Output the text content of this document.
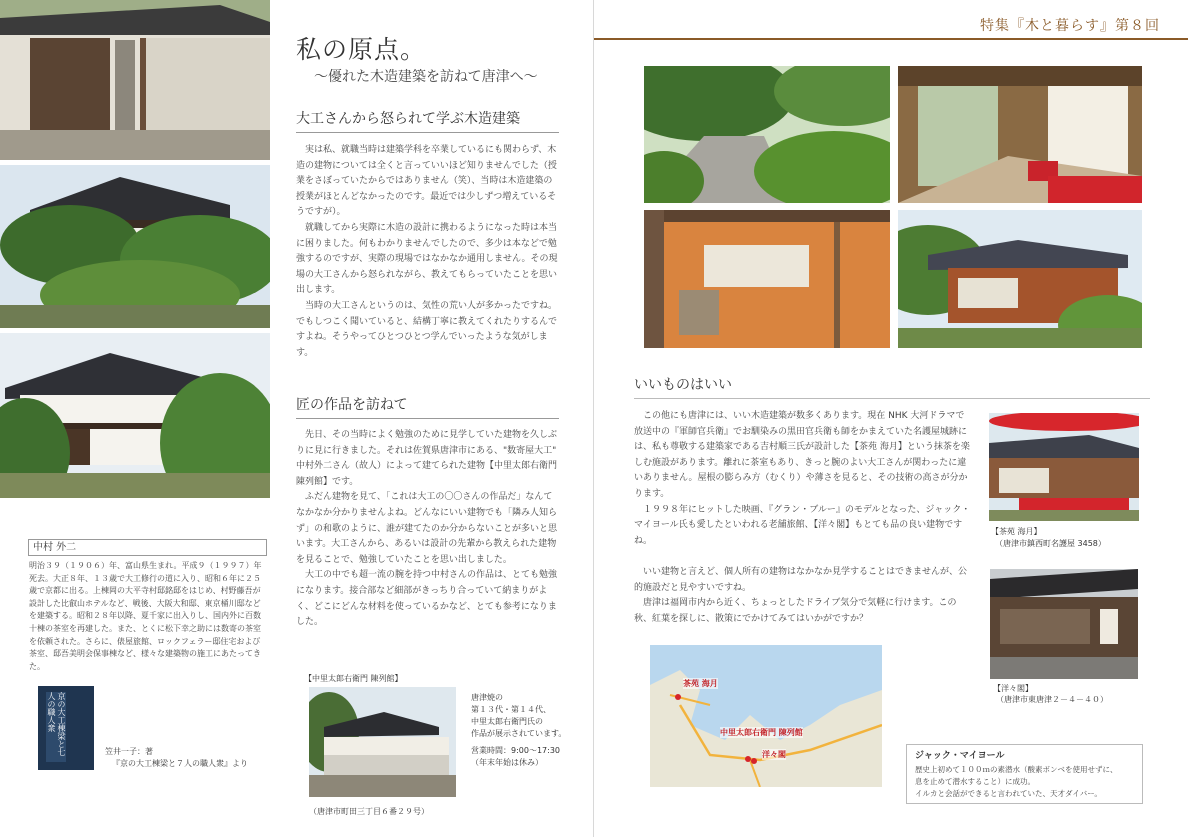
中村 外二
明治３９（１９０６）年、富山県生まれ。平成９（１９９７）年死去。大正８年、１３歳で大工修行の道に入り、昭和６年に２５歳で京都に出る。上棟岡の大平寺村邸銘邸をはじめ、村野藤吾が設計した比叡山ホテルなど、戦後、大阪大和邸、東京桶川邸などを建築する。昭和２８年以降、夏千家に出入りし、国内外に百数十棟の茶室を再建した。また、とくに松下幸之助には数寄の茶室を依頼された。さらに、俵屋旅館、ロックフェラー邸住宅および茶室、邸吾美明会保事棟など、様々な建築物の施工にあたってきた。
京の大工棟梁と七人の職人衆
笠井一子：著
『京の大工棟梁と７人の職人衆』より
私の原点。
～優れた木造建築を訪ねて唐津へ～
大工さんから怒られて学ぶ木造建築

実は私、就職当時は建築学科を卒業しているにも関わらず、木造の建物については全くと言っていいほど知りませんでした（授業をさぼっていたからではありません（笑）、当時は木造建築の授業がほとんどなかったのです。最近では少しずつ増えているそうですが）。

就職してから実際に木造の設計に携わるようになった時は本当に困りました。何もわかりませんでしたので、多少は本などで勉強するのですが、実際の現場ではなかなか通用しません。その現場の大工さんから怒られながら、教えてもらっていたことを思い出します。

当時の大工さんというのは、気性の荒い人が多かったですね。でもしつこく聞いていると、結構丁寧に教えてくれたりするんですよね。そうやってひとつひとつ学んでいったような気がします。

匠の作品を訪ねて

先日、その当時によく勉強のために見学していた建物を久しぶりに見に行きました。それは佐賀県唐津市にある、"数寄屋大工" 中村外二さん（故人）によって建てられた建物【中里太郎右衛門 陳列館】です。

ふだん建物を見て、「これは大工の〇〇さんの作品だ」なんてなかなか分かりませんよね。どんなにいい建物でも「隣み人知らず」の和歌のように、誰が建てたのか分からないことが多いと思います。大工さんから、あるいは設計の先輩から教えられた建物を見ることで、勉強していたことを思い出しました。

大工の中でも超一流の腕を持つ中村さんの作品は、とても勉強になります。接合部など細部がきっちり合っていて納まりがよく、どこにどんな材料を使っているかなど、とても参考になりました。

【中里太郎右衛門 陳列館】
唐津焼の
第１３代・第１４代、
中里太郎右衛門氏の
作品が展示されています。
営業時間：9:00～17:30
（年末年始は休み）
（唐津市町田三丁目６番２９号）
特集『木と暮らす』第８回
いいものはいい

この他にも唐津には、いい木造建築が数多くあります。現在 NHK 大河ドラマで放送中の『軍師官兵衛』でお馴染みの黒田官兵衛も師をかまえていた名護屋城跡には、私も尊敬する建築家である吉村順三氏が設計した【茶苑 海月】という抹茶を楽しむ施設があります。離れに茶室もあり、きっと腕のよい大工さんが関わったに違いありません。屋根の膨らみ方（むくり）や薄さを見ると、その技術の高さが分かります。

１９９８年にヒットした映画、『グラン・ブルー』のモデルとなった、ジャック・マイヨール氏も愛したといわれる老舗旅館、【洋々閣】もとても品の良い建物ですね。

いい建物と言えど、個人所有の建物はなかなか見学することはできませんが、公的施設だと見やすいですね。

唐津は福岡市内から近く、ちょっとしたドライブ気分で気軽に行けます。この秋、紅葉を探しに、散策にでかけてみてはいかがですか？

【茶苑 海月】
（唐津市鎮西町名護屋 3458）
【洋々閣】
（唐津市東唐津２－４－４０）
茶苑 海月
中里太郎右衛門 陳列館
洋々閣	ジャック・マイヨール
歴史上初めて１００ｍの素潜水（酸素ボンベを使用せずに、
息を止めて潜水すること）に成功。
イルカと会話ができると言われていた、天才ダイバー。
